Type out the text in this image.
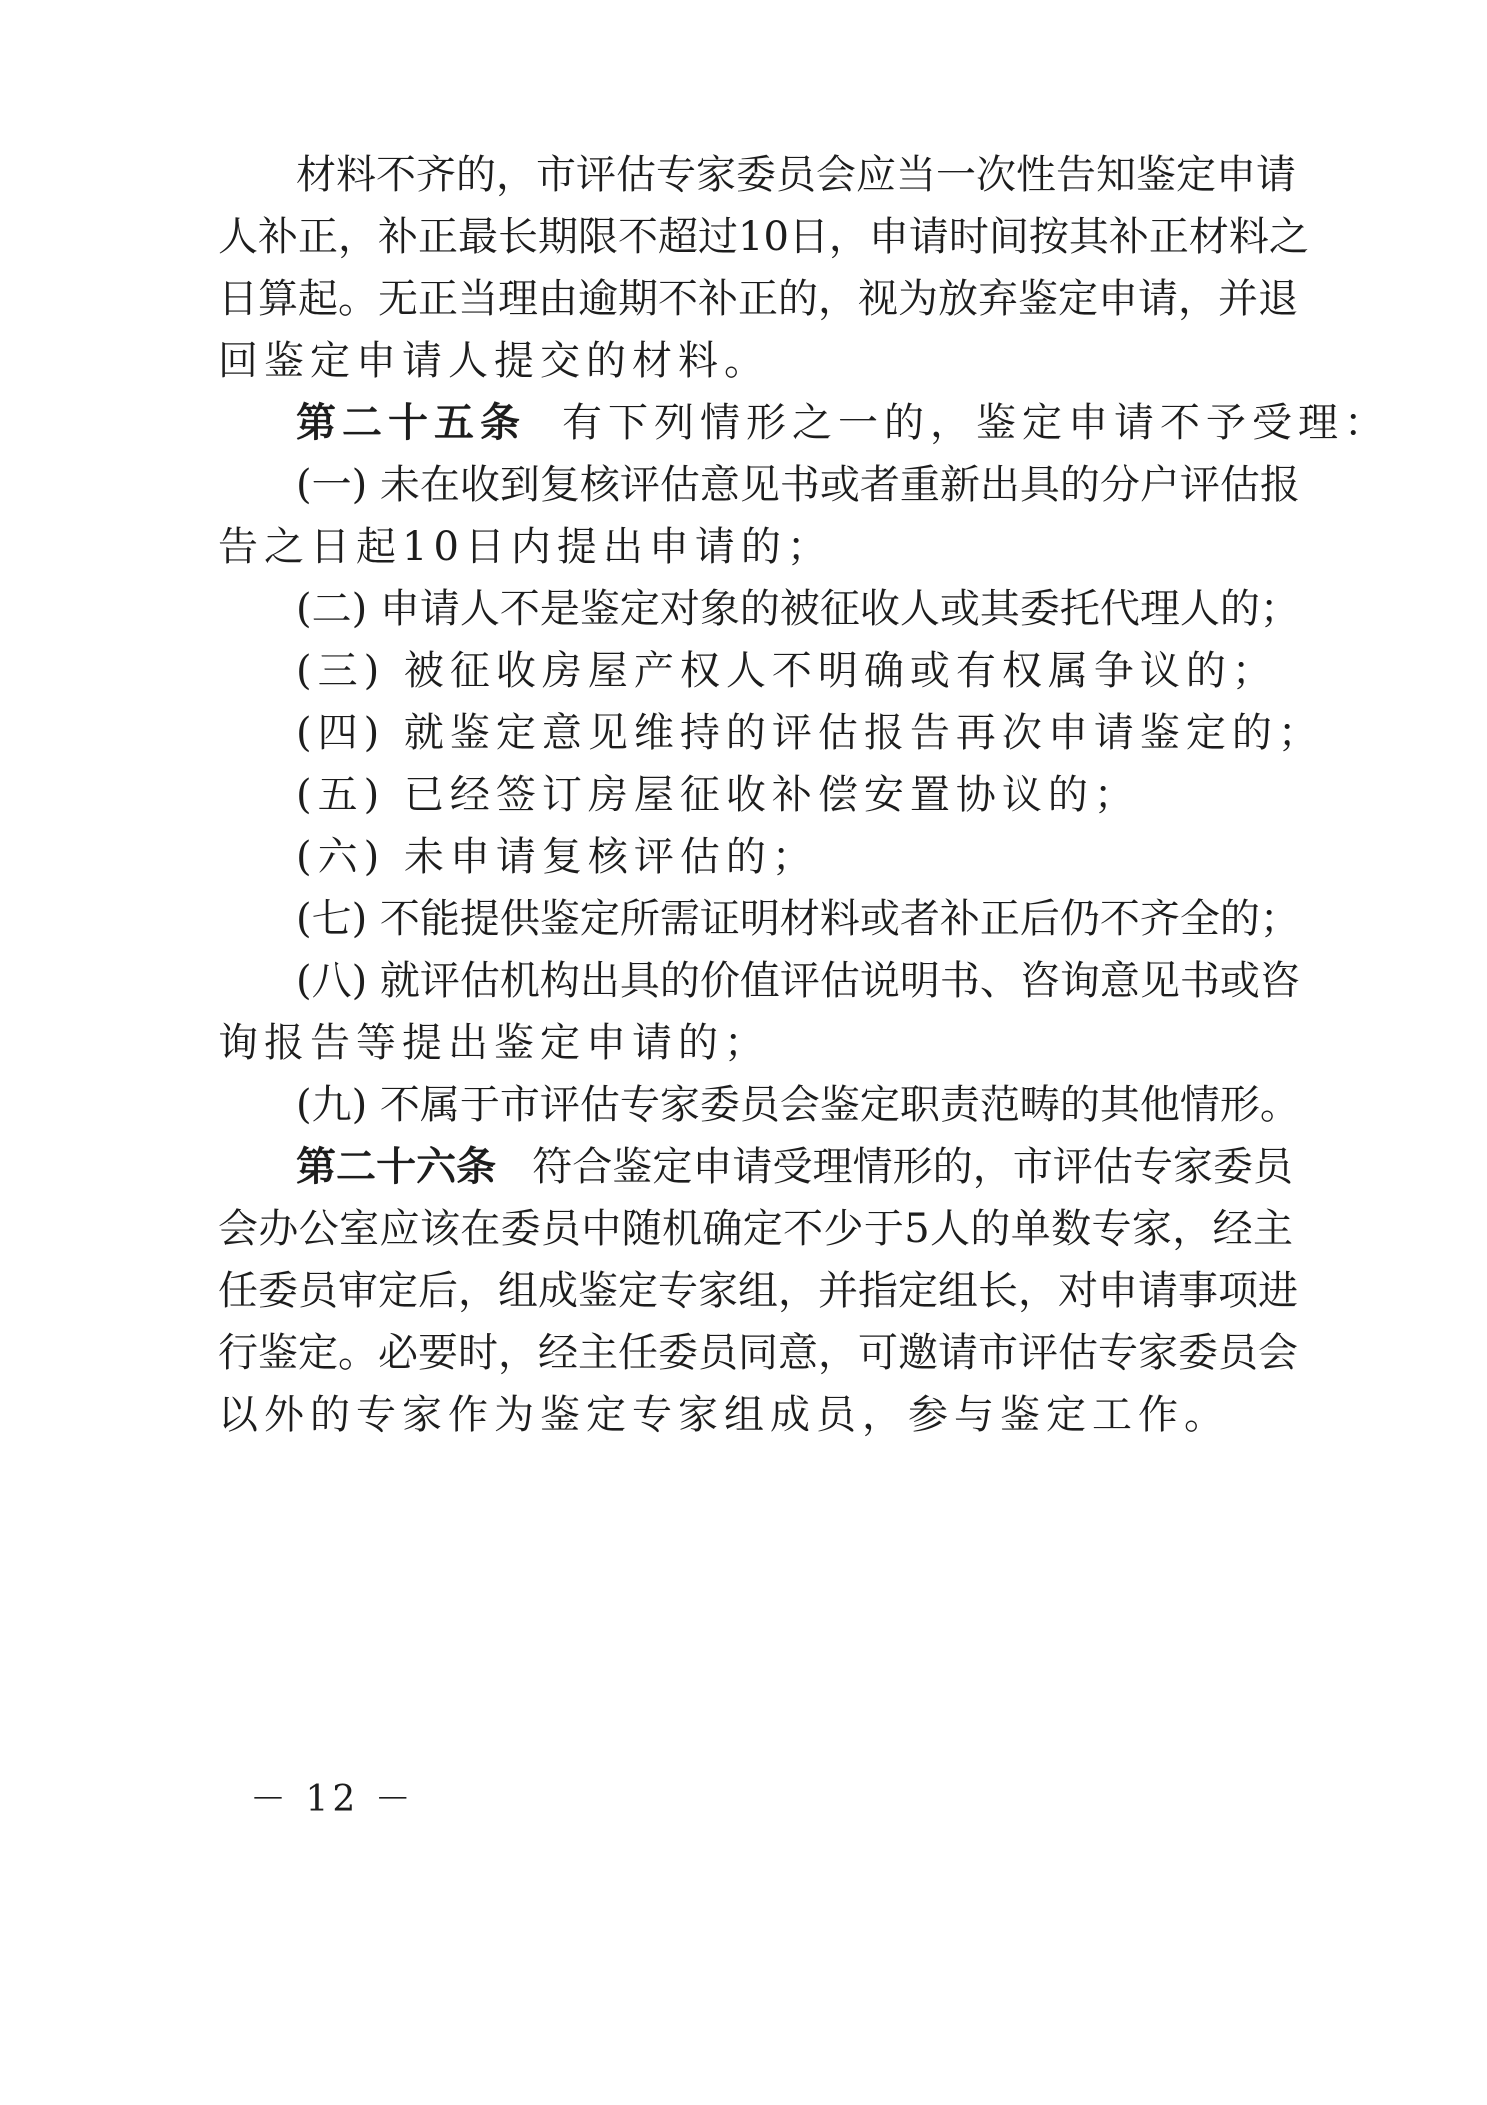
材料不齐的，市评估专家委员会应当一次性告知鉴定申请
人补正，补正最长期限不超过10日，申请时间按其补正材料之
日算起。无正当理由逾期不补正的，视为放弃鉴定申请，并退
回鉴定申请人提交的材料。
第二十五条 有下列情形之一的，鉴定申请不予受理：
(一) 未在收到复核评估意见书或者重新出具的分户评估报
告之日起10日内提出申请的；
(二) 申请人不是鉴定对象的被征收人或其委托代理人的；
(三) 被征收房屋产权人不明确或有权属争议的；
(四) 就鉴定意见维持的评估报告再次申请鉴定的；
(五) 已经签订房屋征收补偿安置协议的；
(六) 未申请复核评估的；
(七) 不能提供鉴定所需证明材料或者补正后仍不齐全的；
(八) 就评估机构出具的价值评估说明书、咨询意见书或咨
询报告等提出鉴定申请的；
(九) 不属于市评估专家委员会鉴定职责范畴的其他情形。
第二十六条 符合鉴定申请受理情形的，市评估专家委员
会办公室应该在委员中随机确定不少于5人的单数专家，经主
任委员审定后，组成鉴定专家组，并指定组长，对申请事项进
行鉴定。必要时，经主任委员同意，可邀请市评估专家委员会
以外的专家作为鉴定专家组成员，参与鉴定工作。
－ 12 －
